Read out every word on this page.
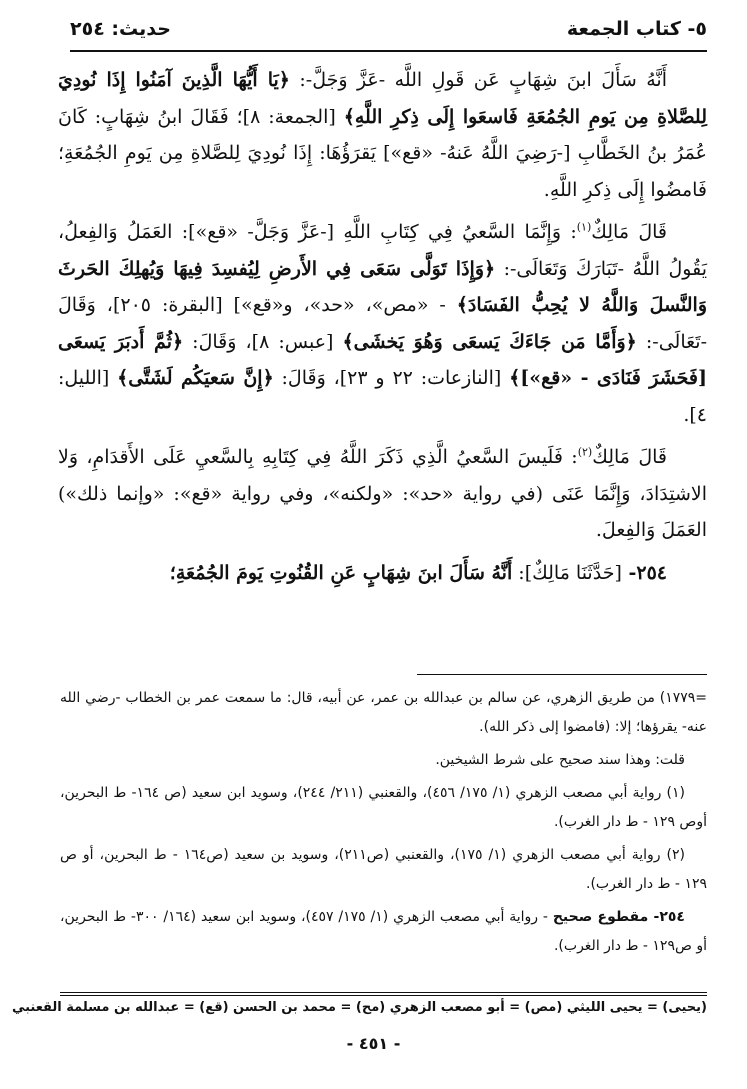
٥- كتاب الجمعة
حديث: ٢٥٤

أَنَّهُ سَأَلَ ابنَ شِهَابٍ عَن قَولِ اللَّه -عَزَّ وَجَلَّ-: ﴿يَا أَيُّهَا الَّذِينَ آمَنُوا إِذَا نُودِيَ لِلصَّلاةِ مِن يَومِ الجُمُعَةِ فَاسعَوا إِلَى ذِكرِ اللَّهِ﴾ [الجمعة: ٨]؛ فَقَالَ ابنُ شِهَابٍ: كَانَ عُمَرُ بنُ الخَطَّابِ [-رَضِيَ اللَّهُ عَنهُ- «قع»] يَقرَؤُهَا: إِذَا نُودِيَ لِلصَّلاةِ مِن يَومِ الجُمُعَةِ؛ فَامضُوا إِلَى ذِكرِ اللَّهِ.

قَالَ مَالِكٌ$^{(١)}$: وَإِنَّمَا السَّعيُ فِي كِتَابِ اللَّهِ [-عَزَّ وَجَلَّ- «قع»]: العَمَلُ وَالفِعلُ، يَقُولُ اللَّهُ -تَبَارَكَ وَتَعَالَى-: ﴿وَإِذَا تَوَلَّى سَعَى فِي الأَرضِ لِيُفسِدَ فِيهَا وَيُهلِكَ الحَرثَ وَالنَّسلَ وَاللَّهُ لا يُحِبُّ الفَسَادَ﴾ - «مص»، «حد»، و«قع»] [البقرة: ٢٠٥]، وَقَالَ -تَعَالَى-: ﴿وَأَمَّا مَن جَاءَكَ يَسعَى وَهُوَ يَخشَى﴾ [عبس: ٨]، وَقَالَ: ﴿ثُمَّ أَدبَرَ يَسعَى [فَحَشَرَ فَنَادَى - «قع»]﴾ [النازعات: ٢٢ و ٢٣]، وَقَالَ: ﴿إِنَّ سَعيَكُم لَشَتَّى﴾ [الليل: ٤].

قَالَ مَالِكٌ$^{(٢)}$: فَلَيسَ السَّعيُ الَّذِي ذَكَرَ اللَّهُ فِي كِتَابِهِ بِالسَّعيِ عَلَى الأَقدَامِ، وَلا الاشتِدَادَ، وَإِنَّمَا عَنَى (في رواية «حد»: «ولكنه»، وفي رواية «قع»: «وإنما ذلك») العَمَلَ وَالفِعلَ.

٢٥٤- [حَدَّثَنَا مَالِكٌ]: أَنَّهُ سَأَلَ ابنَ شِهَابٍ عَنِ القُنُوتِ يَومَ الجُمُعَةِ؛

=١٧٧٩) من طريق الزهري، عن سالم بن عبدالله بن عمر، عن أبيه، قال: ما سمعت عمر بن الخطاب -رضي الله عنه- يقرؤها؛ إلا: (فامضوا إلى ذكر الله).

قلت: وهذا سند صحيح على شرط الشيخين.

(١) رواية أبي مصعب الزهري (١/ ١٧٥/ ٤٥٦)، والقعنبي (٢١١/ ٢٤٤)، وسويد ابن سعيد (ص ١٦٤- ط البحرين، أوص ١٢٩ - ط دار الغرب).

(٢) رواية أبي مصعب الزهري (١/ ١٧٥)، والقعنبي (ص٢١١)، وسويد بن سعيد (ص١٦٤ - ط البحرين، أو ص ١٢٩ - ط دار الغرب).

٢٥٤- مقطوع صحيح - رواية أبي مصعب الزهري (١/ ١٧٥/ ٤٥٧)، وسويد ابن سعيد (١٦٤/ ٣٠٠- ط البحرين، أو ص١٢٩ - ط دار الغرب).

(يحيى) = يحيى الليثي (مص) = أبو مصعب الزهري (مح) = محمد بن الحسن (قع) = عبدالله بن مسلمة القعنبي
- ٤٥١ -
